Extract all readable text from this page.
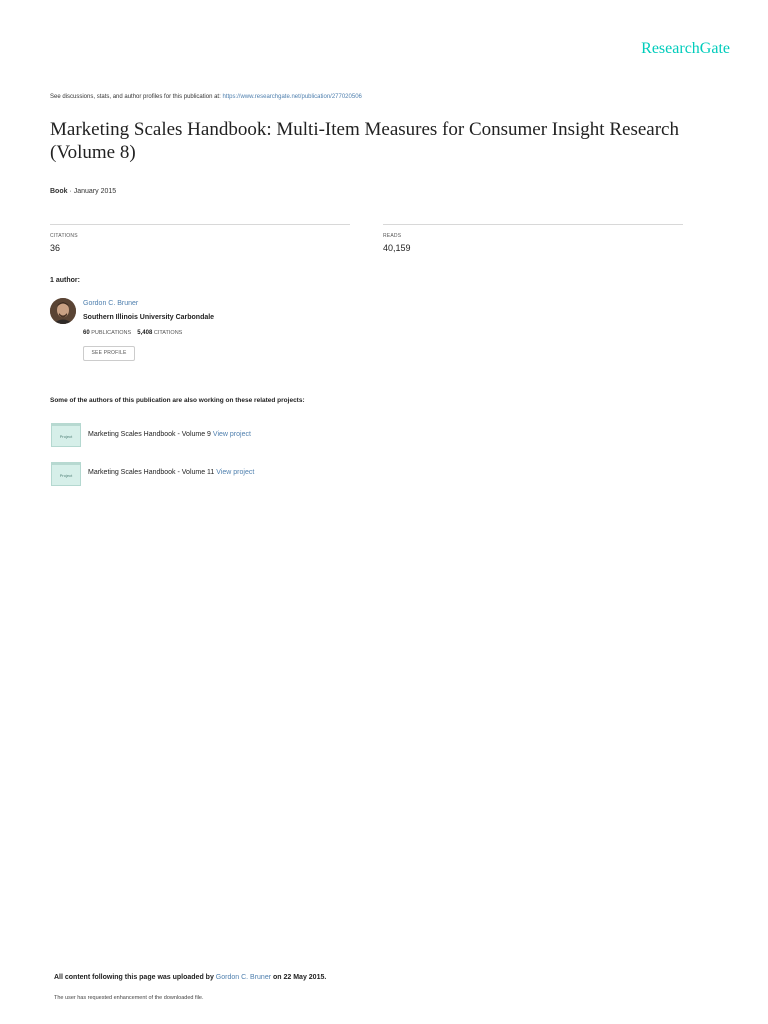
ResearchGate
See discussions, stats, and author profiles for this publication at: https://www.researchgate.net/publication/277020506
Marketing Scales Handbook: Multi-Item Measures for Consumer Insight Research (Volume 8)
Book · January 2015
CITATIONS
36
READS
40,159
1 author:
Gordon C. Bruner
Southern Illinois University Carbondale
60 PUBLICATIONS 5,408 CITATIONS
SEE PROFILE
Some of the authors of this publication are also working on these related projects:
Project	Marketing Scales Handbook - Volume 9 View project
Project	Marketing Scales Handbook - Volume 11 View project
All content following this page was uploaded by Gordon C. Bruner on 22 May 2015.
The user has requested enhancement of the downloaded file.
